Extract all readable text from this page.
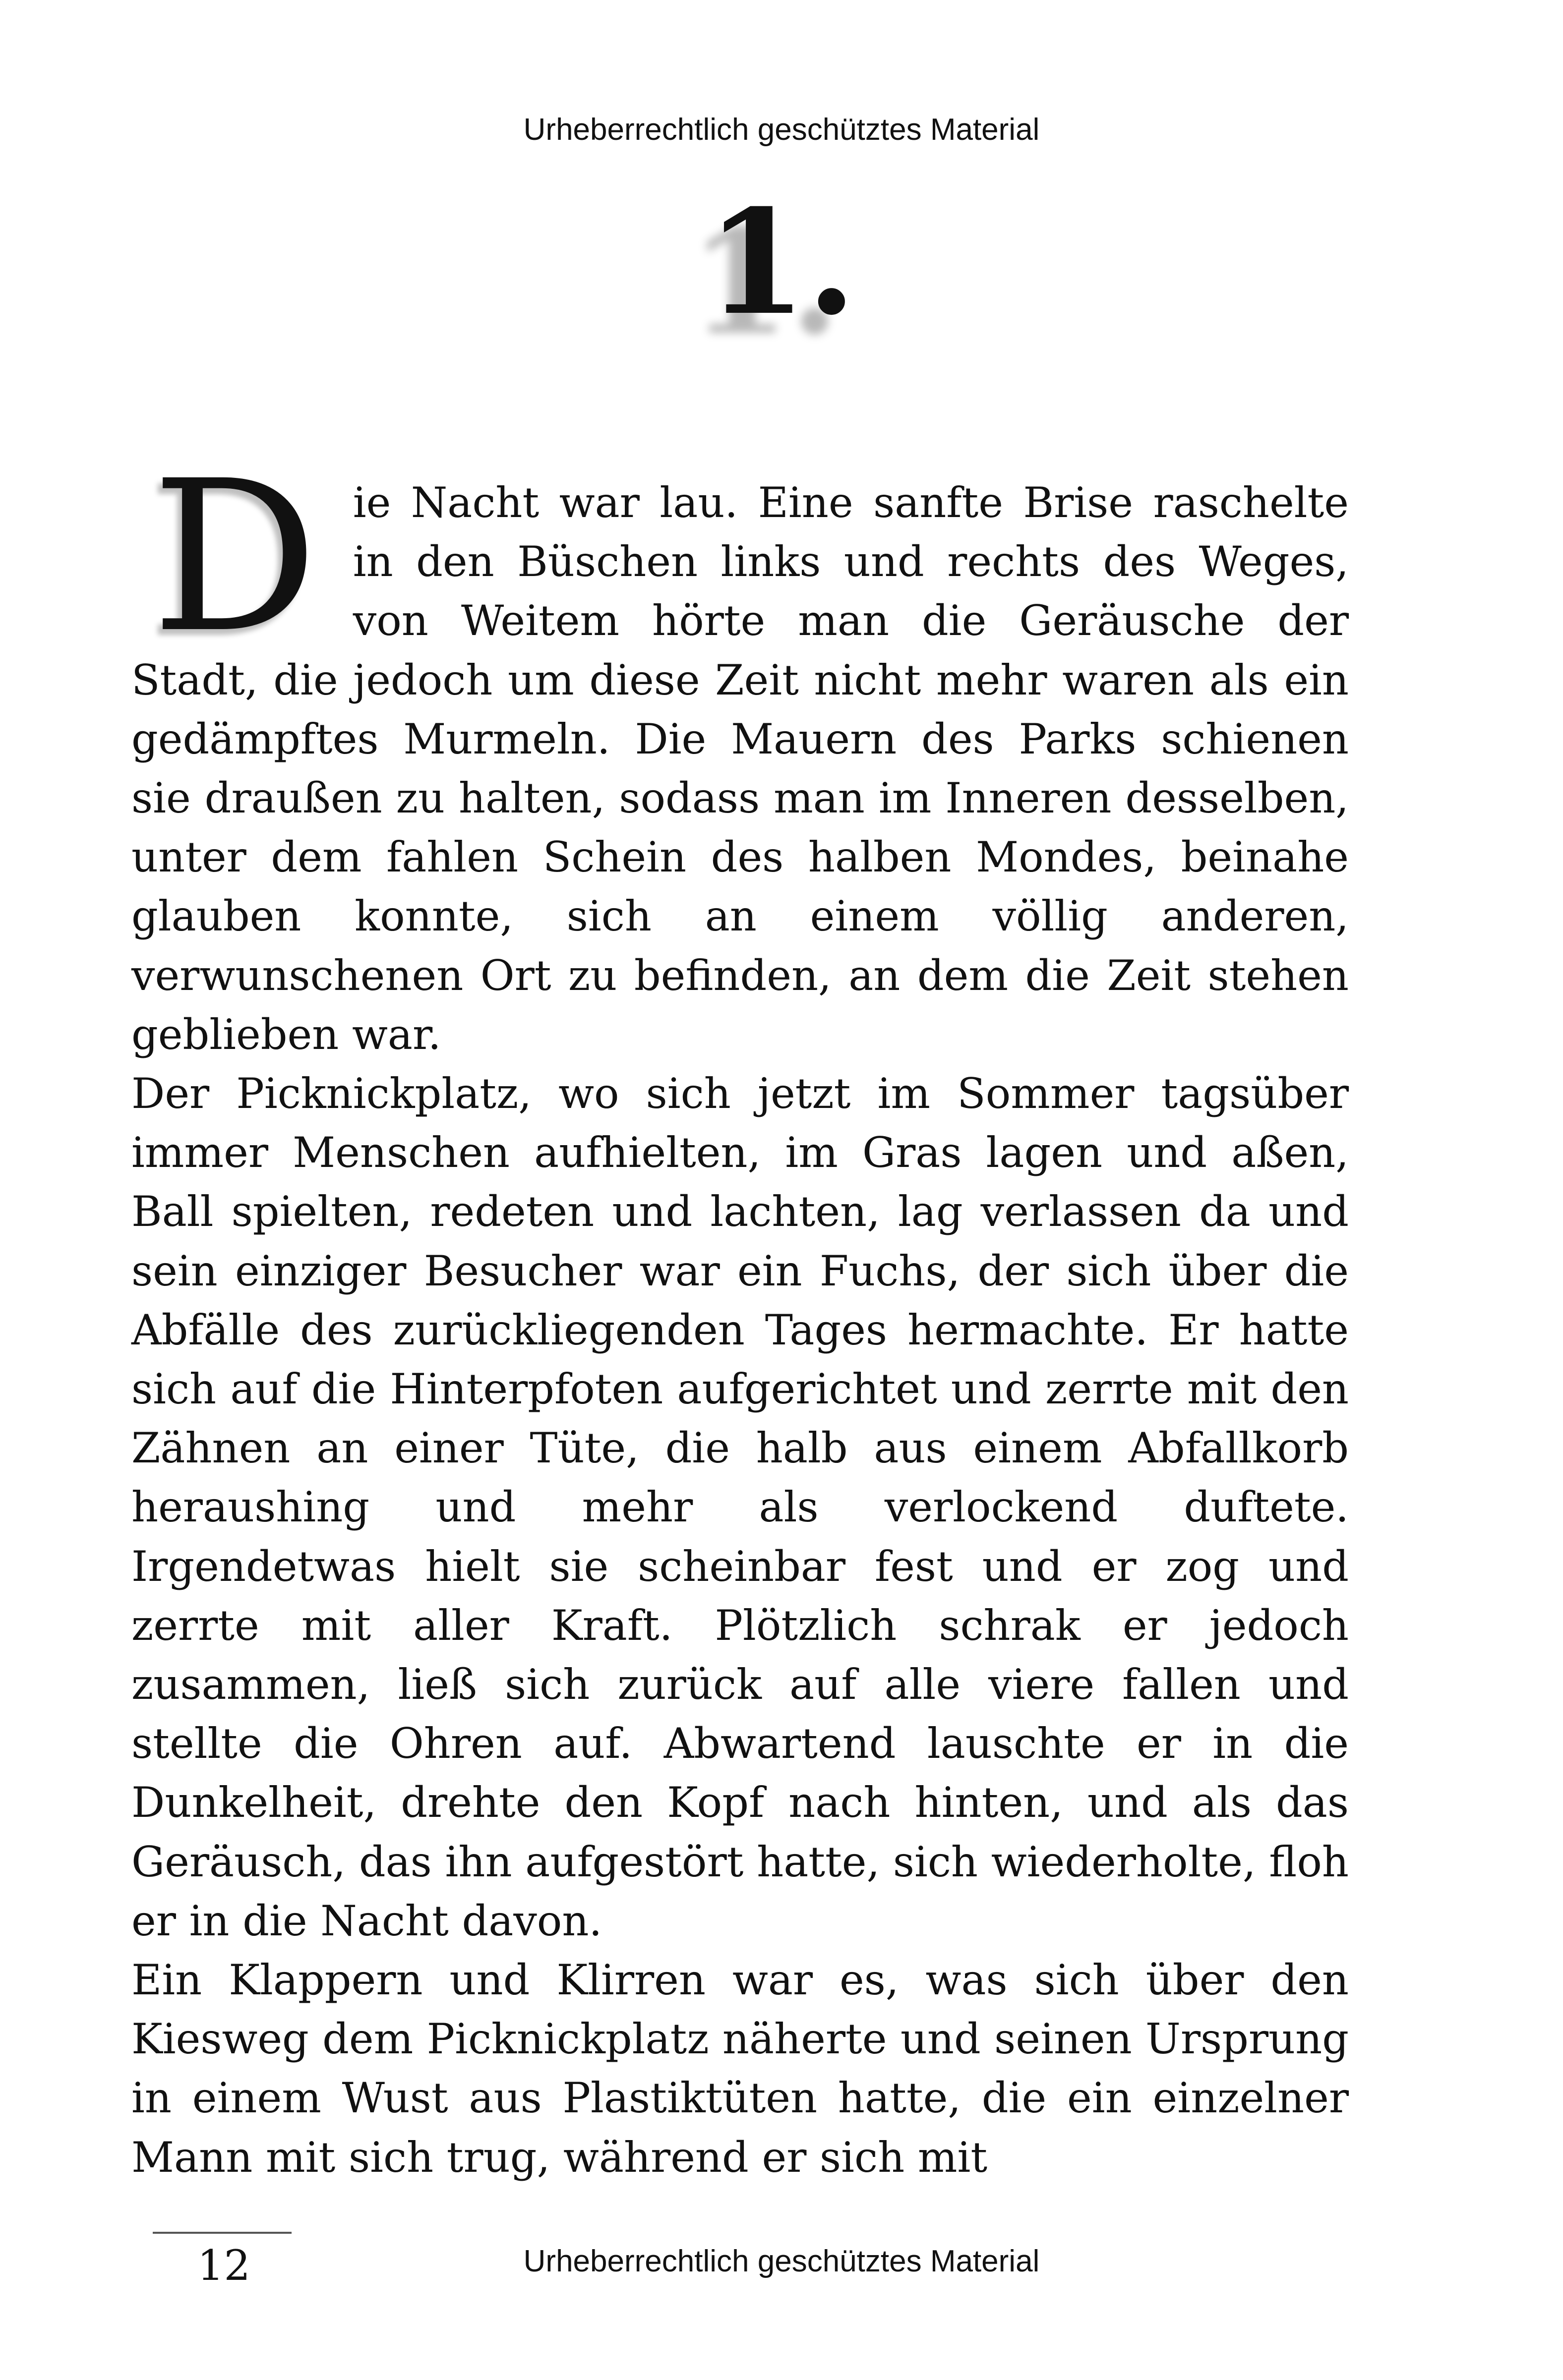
Urheberrechtlich geschütztes Material
1.

Die Nacht war lau. Eine sanfte Brise raschelte in den Büschen links und rechts des Weges, von Weitem hörte man die Geräusche der Stadt, die jedoch um diese Zeit nicht mehr waren als ein gedämpftes Murmeln. Die Mauern des Parks schienen sie draußen zu halten, sodass man im Inneren desselben, unter dem fahlen Schein des halben Mondes, beinahe glauben konnte, sich an einem völlig anderen, verwunschenen Ort zu befinden, an dem die Zeit stehen geblieben war.

Der Picknickplatz, wo sich jetzt im Sommer tagsüber immer Menschen aufhielten, im Gras lagen und aßen, Ball spielten, redeten und lachten, lag verlassen da und sein einziger Besucher war ein Fuchs, der sich über die Abfälle des zurückliegenden Tages hermachte. Er hatte sich auf die Hinterpfoten aufgerichtet und zerrte mit den Zähnen an einer Tüte, die halb aus einem Abfallkorb heraushing und mehr als verlockend duftete. Irgendetwas hielt sie scheinbar fest und er zog und zerrte mit aller Kraft. Plötzlich schrak er jedoch zusammen, ließ sich zurück auf alle viere fallen und stellte die Ohren auf. Abwartend lauschte er in die Dunkelheit, drehte den Kopf nach hinten, und als das Geräusch, das ihn aufgestört hatte, sich wiederholte, floh er in die Nacht davon.

Ein Klappern und Klirren war es, was sich über den Kiesweg dem Picknickplatz näherte und seinen Ursprung in einem Wust aus Plastiktüten hatte, die ein einzelner Mann mit sich trug, während er sich mit

12	Urheberrechtlich geschütztes Material
